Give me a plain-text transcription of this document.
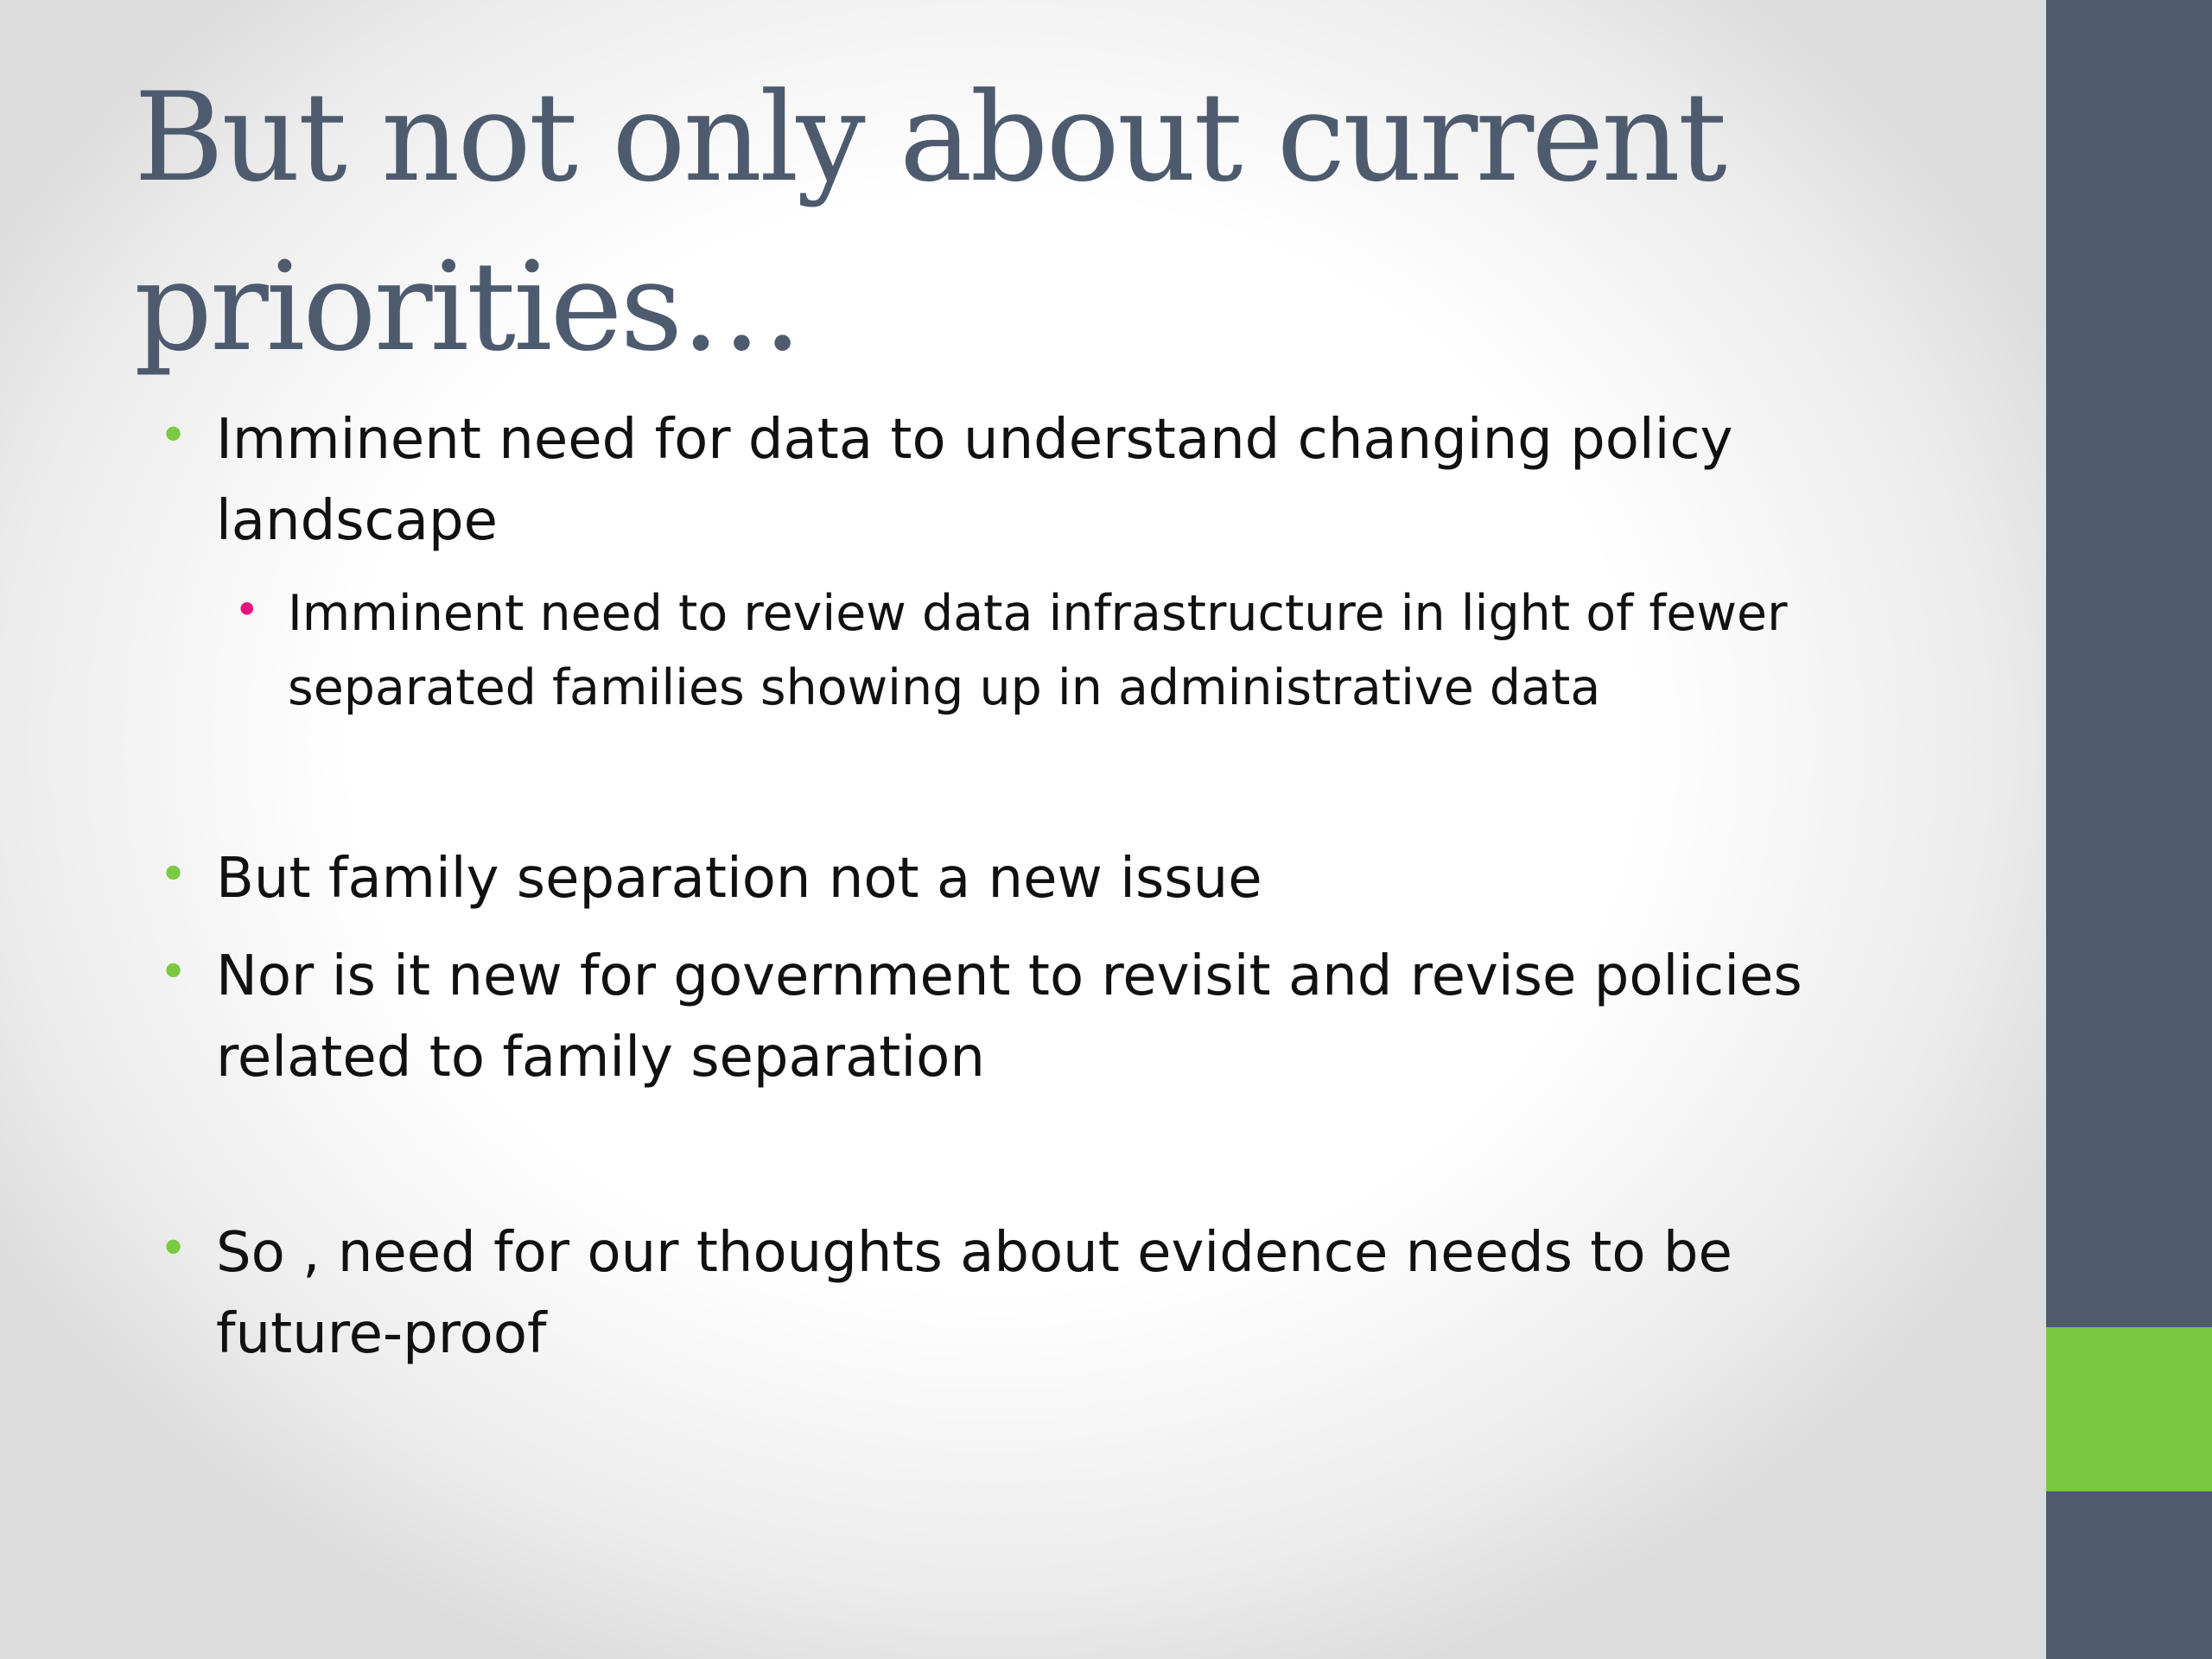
But not only about current priorities…
• Imminent need for data to understand changing policy landscape
• Imminent need to review data infrastructure in light of fewer separated families showing up in administrative data
• But family separation not a new issue
• Nor is it new for government to revisit and revise policies related to family separation
• So , need for our thoughts about evidence needs to be future-proof
